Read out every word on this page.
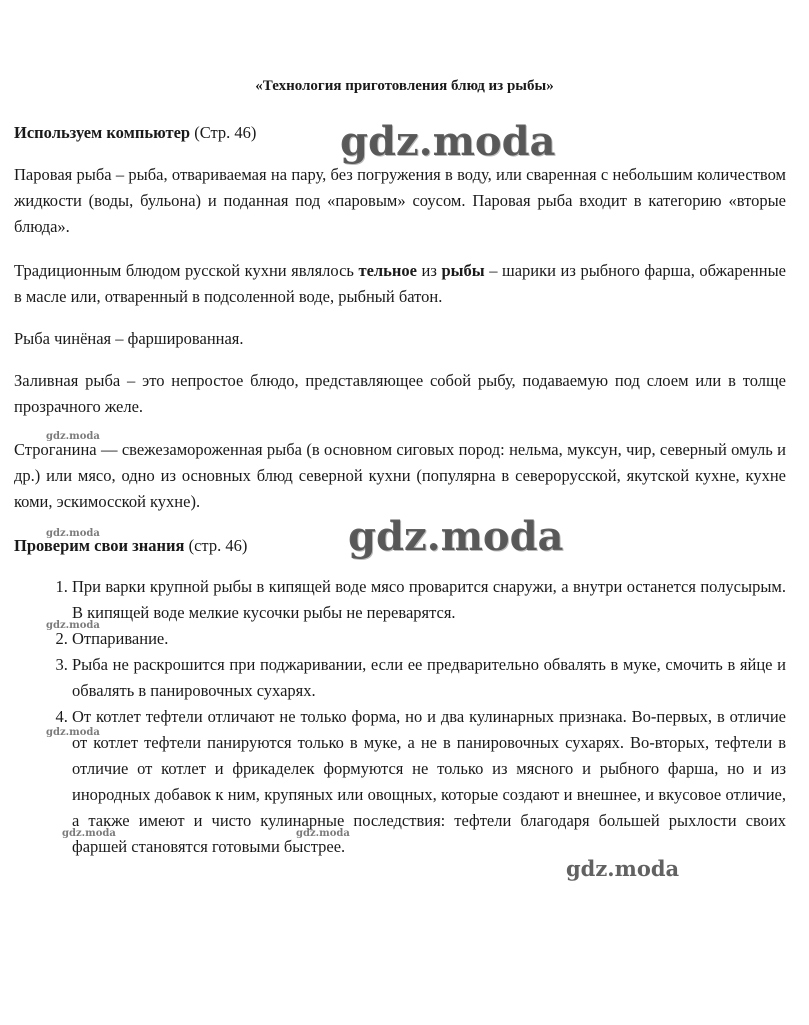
«Технология приготовления блюд из рыбы»
Используем компьютер (Стр. 46)
Паровая рыба – рыба, отвариваемая на пару, без погружения в воду, или сваренная с небольшим количеством жидкости (воды, бульона) и поданная под «паровым» соусом. Паровая рыба входит в категорию «вторые блюда».
Традиционным блюдом русской кухни являлось тельное из рыбы – шарики из рыбного фарша, обжаренные в масле или, отваренный в подсоленной воде, рыбный батон.
Рыба чинёная – фаршированная.
Заливная рыба – это непростое блюдо, представляющее собой рыбу, подаваемую под слоем или в толще прозрачного желе.
Строганина — свежезамороженная рыба (в основном сиговых пород: нельма, муксун, чир, северный омуль и др.) или мясо, одно из основных блюд северной кухни (популярна в северорусской, якутской кухне, кухне коми, эскимосской кухне).
Проверим свои знания (стр. 46)
1. При варки крупной рыбы в кипящей воде мясо проварится снаружи, а внутри останется полусырым. В кипящей воде мелкие кусочки рыбы не переварятся.
2. Отпаривание.
3. Рыба не раскрошится при поджаривании, если ее предварительно обвалять в муке, смочить в яйце и обвалять в панировочных сухарях.
4. От котлет тефтели отличают не только форма, но и два кулинарных признака. Во-первых, в отличие от котлет тефтели панируются только в муке, а не в панировочных сухарях. Во-вторых, тефтели в отличие от котлет и фрикаделек формуются не только из мясного и рыбного фарша, но и из инородных добавок к ним, крупяных или овощных, которые создают и внешнее, и вкусовое отличие, а также имеют и чисто кулинарные последствия: тефтели благодаря большей рыхлости своих фаршей становятся готовыми быстрее.
gdz.moda
gdz.moda
gdz.moda
gdz.moda
gdz.moda
gdz.moda
gdz.moda
gdz.moda	gdz.moda
